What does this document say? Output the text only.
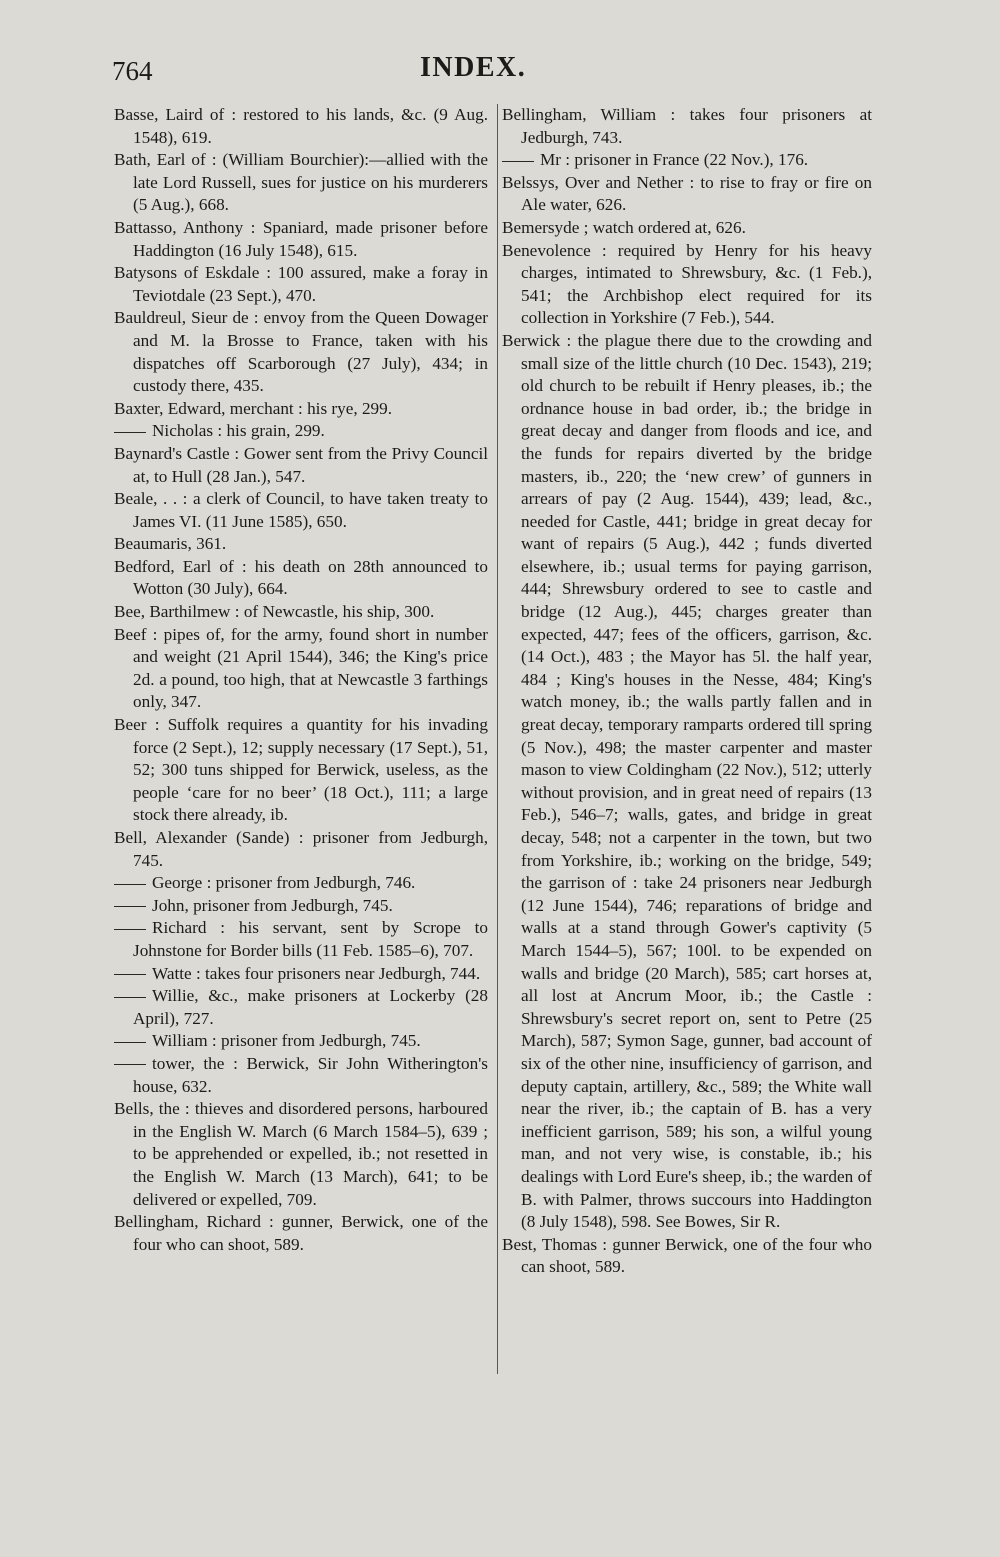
764	INDEX.

Basse, Laird of : restored to his lands, &c. (9 Aug. 1548), 619.

Bath, Earl of : (William Bourchier):—allied with the late Lord Russell, sues for justice on his murderers (5 Aug.), 668.

Battasso, Anthony : Spaniard, made prisoner before Haddington (16 July 1548), 615.

Batysons of Eskdale : 100 assured, make a foray in Teviotdale (23 Sept.), 470.

Bauldreul, Sieur de : envoy from the Queen Dowager and M. la Brosse to France, taken with his dispatches off Scarborough (27 July), 434; in custody there, 435.

Baxter, Edward, merchant : his rye, 299.

Nicholas : his grain, 299.

Baynard's Castle : Gower sent from the Privy Council at, to Hull (28 Jan.), 547.

Beale, . . : a clerk of Council, to have taken treaty to James VI. (11 June 1585), 650.

Beaumaris, 361.

Bedford, Earl of : his death on 28th announced to Wotton (30 July), 664.

Bee, Barthilmew : of Newcastle, his ship, 300.

Beef : pipes of, for the army, found short in number and weight (21 April 1544), 346; the King's price 2d. a pound, too high, that at Newcastle 3 farthings only, 347.

Beer : Suffolk requires a quantity for his invading force (2 Sept.), 12; supply necessary (17 Sept.), 51, 52; 300 tuns shipped for Berwick, useless, as the people ‘care for no beer’ (18 Oct.), 111; a large stock there already, ib.

Bell, Alexander (Sande) : prisoner from Jedburgh, 745.

George : prisoner from Jedburgh, 746.

John, prisoner from Jedburgh, 745.

Richard : his servant, sent by Scrope to Johnstone for Border bills (11 Feb. 1585–6), 707.

Watte : takes four prisoners near Jedburgh, 744.

Willie, &c., make prisoners at Lockerby (28 April), 727.

William : prisoner from Jedburgh, 745.

tower, the : Berwick, Sir John Witherington's house, 632.

Bells, the : thieves and disordered persons, harboured in the English W. March (6 March 1584–5), 639 ; to be apprehended or expelled, ib.; not resetted in the English W. March (13 March), 641; to be delivered or expelled, 709.

Bellingham, Richard : gunner, Berwick, one of the four who can shoot, 589.

Bellingham, William : takes four prisoners at Jedburgh, 743.

Mr : prisoner in France (22 Nov.), 176.

Belssys, Over and Nether : to rise to fray or fire on Ale water, 626.

Bemersyde ; watch ordered at, 626.

Benevolence : required by Henry for his heavy charges, intimated to Shrewsbury, &c. (1 Feb.), 541; the Archbishop elect required for its collection in Yorkshire (7 Feb.), 544.

Berwick : the plague there due to the crowding and small size of the little church (10 Dec. 1543), 219; old church to be rebuilt if Henry pleases, ib.; the ordnance house in bad order, ib.; the bridge in great decay and danger from floods and ice, and the funds for repairs diverted by the bridge masters, ib., 220; the ‘new crew’ of gunners in arrears of pay (2 Aug. 1544), 439; lead, &c., needed for Castle, 441; bridge in great decay for want of repairs (5 Aug.), 442 ; funds diverted elsewhere, ib.; usual terms for paying garrison, 444; Shrewsbury ordered to see to castle and bridge (12 Aug.), 445; charges greater than expected, 447; fees of the officers, garrison, &c. (14 Oct.), 483 ; the Mayor has 5l. the half year, 484 ; King's houses in the Nesse, 484; King's watch money, ib.; the walls partly fallen and in great decay, temporary ramparts ordered till spring (5 Nov.), 498; the master carpenter and master mason to view Coldingham (22 Nov.), 512; utterly without provision, and in great need of repairs (13 Feb.), 546–7; walls, gates, and bridge in great decay, 548; not a carpenter in the town, but two from Yorkshire, ib.; working on the bridge, 549; the garrison of : take 24 prisoners near Jedburgh (12 June 1544), 746; reparations of bridge and walls at a stand through Gower's captivity (5 March 1544–5), 567; 100l. to be expended on walls and bridge (20 March), 585; cart horses at, all lost at Ancrum Moor, ib.; the Castle : Shrewsbury's secret report on, sent to Petre (25 March), 587; Symon Sage, gunner, bad account of six of the other nine, insufficiency of garrison, and deputy captain, artillery, &c., 589; the White wall near the river, ib.; the captain of B. has a very inefficient garrison, 589; his son, a wilful young man, and not very wise, is constable, ib.; his dealings with Lord Eure's sheep, ib.; the warden of B. with Palmer, throws succours into Haddington (8 July 1548), 598. See Bowes, Sir R.

Best, Thomas : gunner Berwick, one of the four who can shoot, 589.
